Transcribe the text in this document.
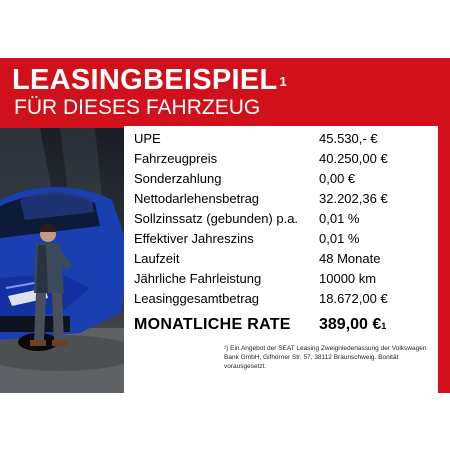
LEASINGBEISPIEL $^1$
FÜR DIESES FAHRZEUG
UPE	45.530,- €
Fahrzeugpreis	40.250,00 €
Sonderzahlung	0,00 €
Nettodarlehensbetrag	32.202,36 €
Sollzinssatz (gebunden) p.a. 0,01 %
Effektiver Jahreszins	0,01 %
Laufzeit	48 Monate
Jährliche Fahrleistung	10000 km
Leasinggesamtbetrag	18.672,00 €
MONATLICHE RATE 389,00 €$^1$
¹) Ein Angebot der SEAT Leasing Zweigniederlassung der Volkswagen Bank GmbH, Gifhorner Str. 57, 38112 Braunschweig. Bonität vorausgesetzt.
